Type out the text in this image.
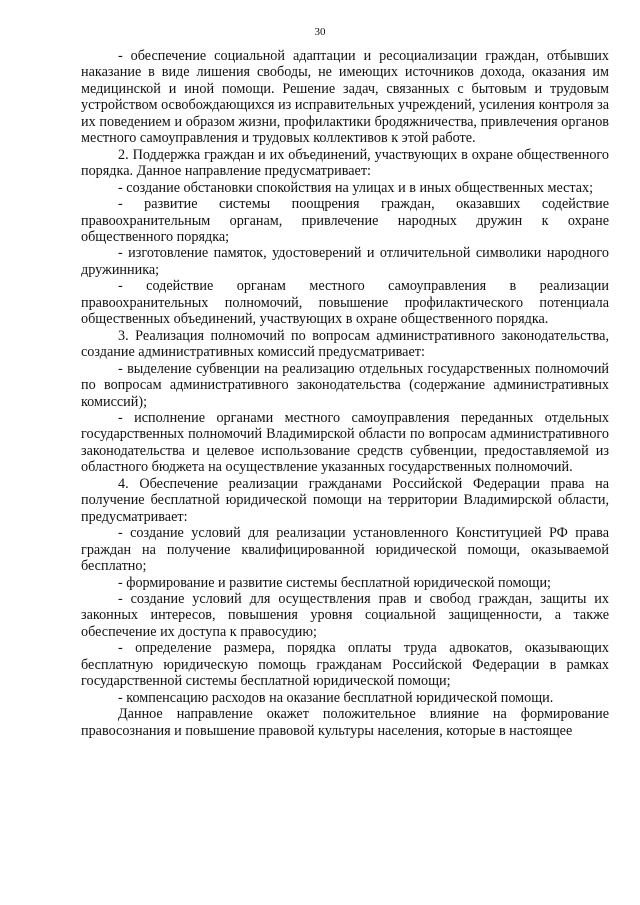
30

- обеспечение социальной адаптации и ресоциализации граждан, отбывших наказание в виде лишения свободы, не имеющих источников дохода, оказания им медицинской и иной помощи. Решение задач, связанных с бытовым и трудовым устройством освобождающихся из исправительных учреждений, усиления контроля за их поведением и образом жизни, профилактики бродяжничества, привлечения органов местного самоуправления и трудовых коллективов к этой работе.

2. Поддержка граждан и их объединений, участвующих в охране общественного порядка. Данное направление предусматривает:

- создание обстановки спокойствия на улицах и в иных общественных местах;

- развитие системы поощрения граждан, оказавших содействие правоохранительным органам, привлечение народных дружин к охране общественного порядка;

- изготовление памяток, удостоверений и отличительной символики народного дружинника;

- содействие органам местного самоуправления в реализации правоохранительных полномочий, повышение профилактического потенциала общественных объединений, участвующих в охране общественного порядка.

3. Реализация полномочий по вопросам административного законодательства, создание административных комиссий предусматривает:

- выделение субвенции на реализацию отдельных государственных полномочий по вопросам административного законодательства (содержание административных комиссий);

- исполнение органами местного самоуправления переданных отдельных государственных полномочий Владимирской области по вопросам административного законодательства и целевое использование средств субвенции, предоставляемой из областного бюджета на осуществление указанных государственных полномочий.

4. Обеспечение реализации гражданами Российской Федерации права на получение бесплатной юридической помощи на территории Владимирской области, предусматривает:

- создание условий для реализации установленного Конституцией РФ права граждан на получение квалифицированной юридической помощи, оказываемой бесплатно;

- формирование и развитие системы бесплатной юридической помощи;

- создание условий для осуществления прав и свобод граждан, защиты их законных интересов, повышения уровня социальной защищенности, а также обеспечение их доступа к правосудию;

- определение размера, порядка оплаты труда адвокатов, оказывающих бесплатную юридическую помощь гражданам Российской Федерации в рамках государственной системы бесплатной юридической помощи;

- компенсацию расходов на оказание бесплатной юридической помощи.

Данное направление окажет положительное влияние на формирование правосознания и повышение правовой культуры населения, которые в настоящее
